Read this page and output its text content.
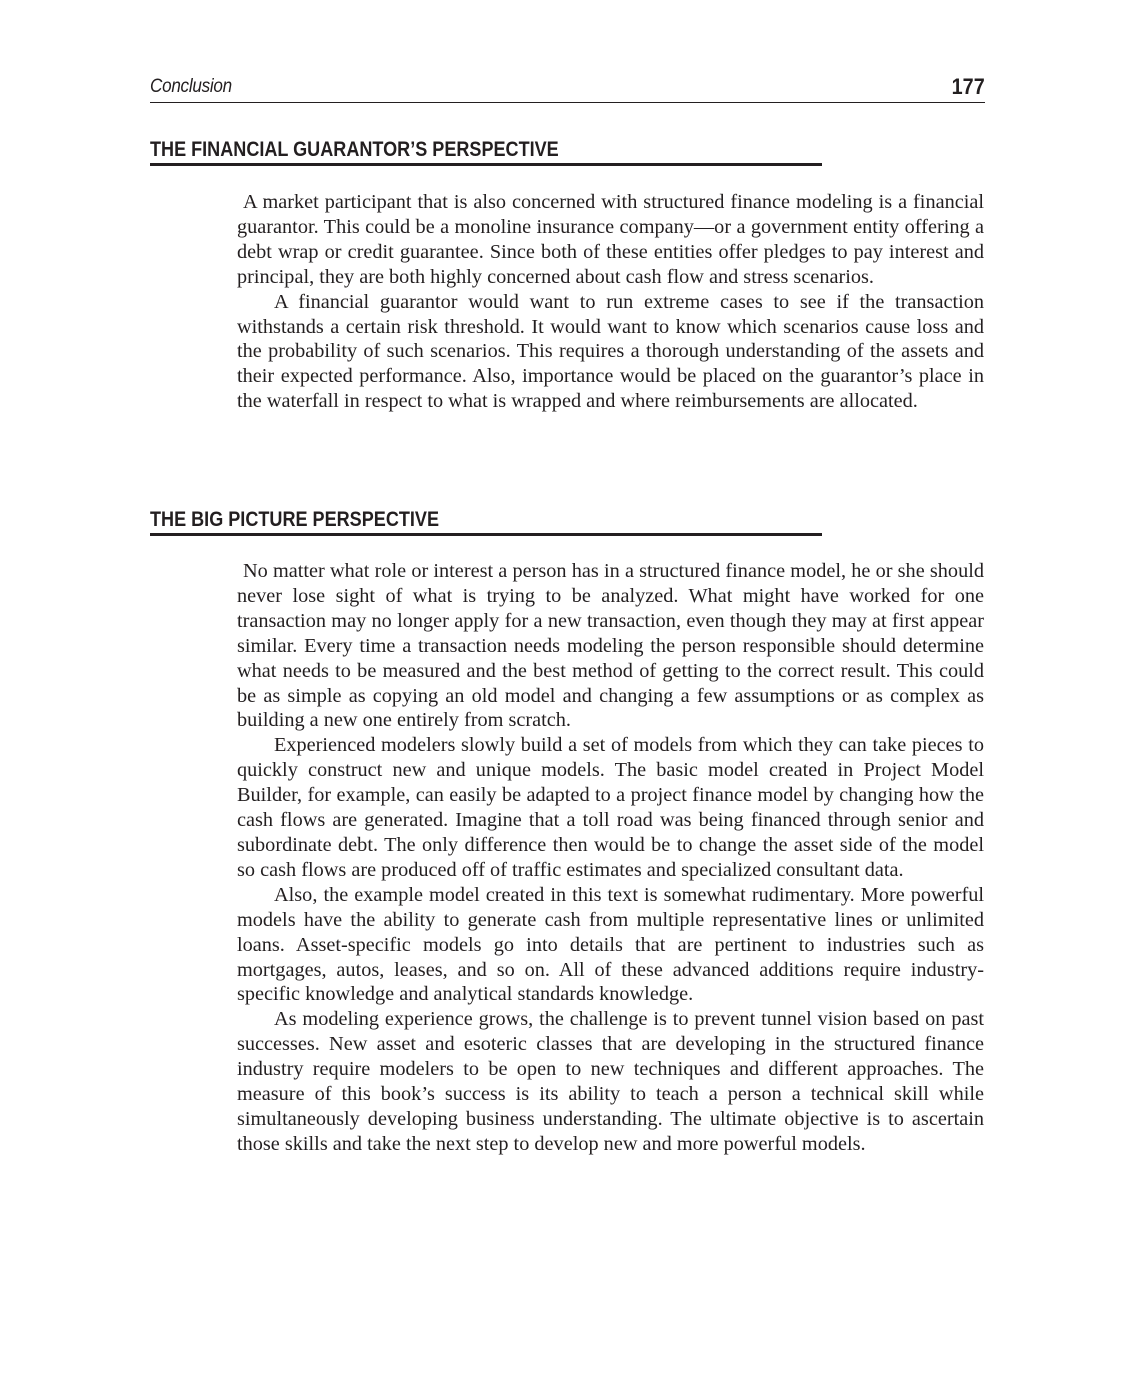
Conclusion	177
THE FINANCIAL GUARANTOR’S PERSPECTIVE

A market participant that is also concerned with structured finance modeling is a financial guarantor. This could be a monoline insurance company—or a government entity offering a debt wrap or credit guarantee. Since both of these entities offer pledges to pay interest and principal, they are both highly concerned about cash flow and stress scenarios.

A financial guarantor would want to run extreme cases to see if the transaction withstands a certain risk threshold. It would want to know which scenarios cause loss and the probability of such scenarios. This requires a thorough understanding of the assets and their expected performance. Also, importance would be placed on the guarantor’s place in the waterfall in respect to what is wrapped and where reimbursements are allocated.

THE BIG PICTURE PERSPECTIVE

No matter what role or interest a person has in a structured finance model, he or she should never lose sight of what is trying to be analyzed. What might have worked for one transaction may no longer apply for a new transaction, even though they may at first appear similar. Every time a transaction needs modeling the person responsible should determine what needs to be measured and the best method of getting to the correct result. This could be as simple as copying an old model and changing a few assumptions or as complex as building a new one entirely from scratch.

Experienced modelers slowly build a set of models from which they can take pieces to quickly construct new and unique models. The basic model created in Project Model Builder, for example, can easily be adapted to a project finance model by changing how the cash flows are generated. Imagine that a toll road was being financed through senior and subordinate debt. The only difference then would be to change the asset side of the model so cash flows are produced off of traffic estimates and specialized consultant data.

Also, the example model created in this text is somewhat rudimentary. More powerful models have the ability to generate cash from multiple representative lines or unlimited loans. Asset-specific models go into details that are pertinent to industries such as mortgages, autos, leases, and so on. All of these advanced additions require industry-specific knowledge and analytical standards knowledge.

As modeling experience grows, the challenge is to prevent tunnel vision based on past successes. New asset and esoteric classes that are developing in the structured finance industry require modelers to be open to new techniques and different approaches. The measure of this book’s success is its ability to teach a person a technical skill while simultaneously developing business understanding. The ultimate objective is to ascertain those skills and take the next step to develop new and more powerful models.
